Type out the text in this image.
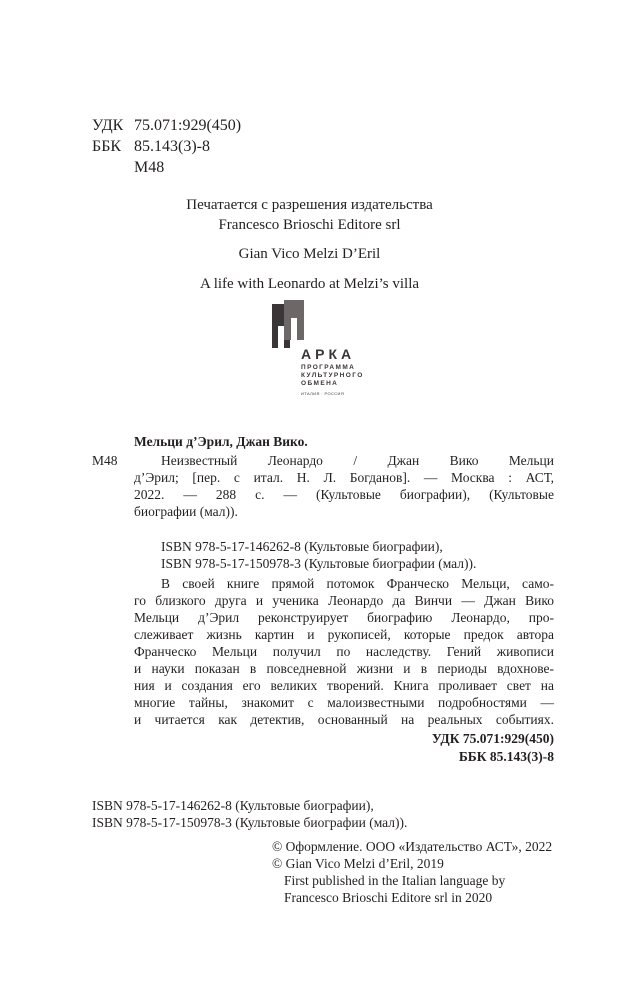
УДК 75.071:929(450)
ББК 85.143(3)-8
М48
Печатается с разрешения издательства
Francesco Brioschi Editore srl
Gian Vico Melzi D’Eril
A life with Leonardo at Melzi’s villa
АРКА
ПРОГРАММА
КУЛЬТУРНОГО
ОБМЕНА
ИТАЛИЯ · РОССИЯ
Мельци д’Эрил, Джан Вико.
М48	Неизвестный Леонардо / Джан Вико Мельци
д’Эрил; [пер. с итал. Н. Л. Богданов]. — Москва : АСТ,
2022. — 288 с. — (Культовые биографии), (Культовые
биографии (мал)).
ISBN 978-5-17-146262-8 (Культовые биографии),
ISBN 978-5-17-150978-3 (Культовые биографии (мал)).
В своей книге прямой потомок Франческо Мельци, само-
го близкого друга и ученика Леонардо да Винчи — Джан Вико
Мельци д’Эрил реконструирует биографию Леонардо, про-
слеживает жизнь картин и рукописей, которые предок автора
Франческо Мельци получил по наследству. Гений живописи
и науки показан в повседневной жизни и в периоды вдохнове-
ния и создания его великих творений. Книга проливает свет на
многие тайны, знакомит с малоизвестными подробностями —
и читается как детектив, основанный на реальных событиях.
УДК 75.071:929(450)
ББК 85.143(3)-8
ISBN 978-5-17-146262-8 (Культовые биографии),
ISBN 978-5-17-150978-3 (Культовые биографии (мал)).
© Оформление. ООО «Издательство АСТ», 2022
© Gian Vico Melzi d’Eril, 2019
First published in the Italian language by
Francesco Brioschi Editore srl in 2020
